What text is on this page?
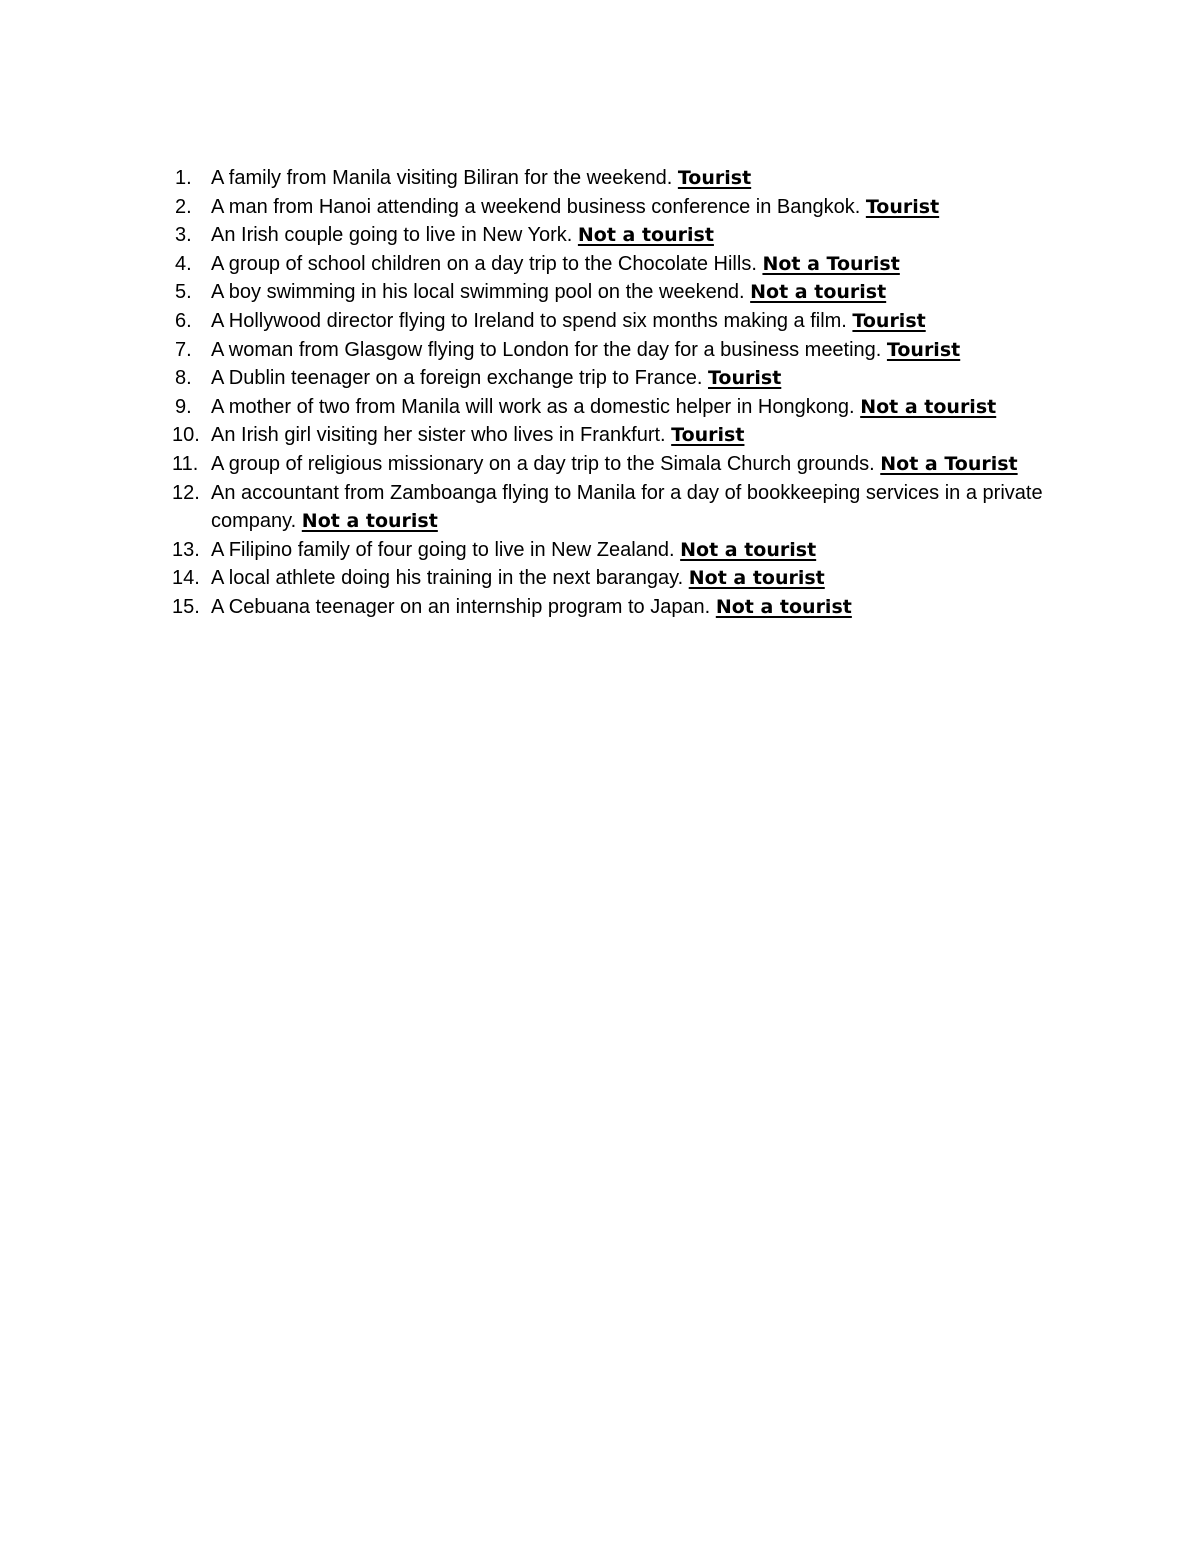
1. A family from Manila visiting Biliran for the weekend. Tourist
2. A man from Hanoi attending a weekend business conference in Bangkok. Tourist
3. An Irish couple going to live in New York. Not a tourist
4. A group of school children on a day trip to the Chocolate Hills. Not a Tourist
5. A boy swimming in his local swimming pool on the weekend. Not a tourist
6. A Hollywood director flying to Ireland to spend six months making a film. Tourist
7. A woman from Glasgow flying to London for the day for a business meeting. Tourist
8. A Dublin teenager on a foreign exchange trip to France. Tourist
9. A mother of two from Manila will work as a domestic helper in Hongkong. Not a tourist
10. An Irish girl visiting her sister who lives in Frankfurt. Tourist
11. A group of religious missionary on a day trip to the Simala Church grounds. Not a Tourist
12. An accountant from Zamboanga flying to Manila for a day of bookkeeping services in a private company. Not a tourist
13. A Filipino family of four going to live in New Zealand. Not a tourist
14. A local athlete doing his training in the next barangay. Not a tourist
15. A Cebuana teenager on an internship program to Japan. Not a tourist
